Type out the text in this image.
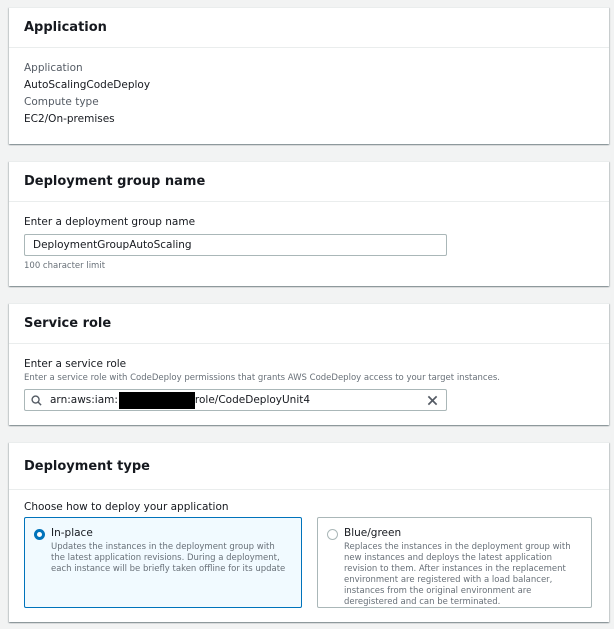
Application
Application
AutoScalingCodeDeploy
Compute type
EC2/On-premises
Deployment group name
Enter a deployment group name
DeploymentGroupAutoScaling
100 character limit
Service role
Enter a service role
Enter a service role with CodeDeploy permissions that grants AWS CodeDeploy access to your target instances.
arn:aws:iam:	role/CodeDeployUnit4
Deployment type
Choose how to deploy your application
In-place
Updates the instances in the deployment group with the latest application revisions. During a deployment, each instance will be briefly taken offline for its update
Blue/green
Replaces the instances in the deployment group with new instances and deploys the latest application revision to them. After instances in the replacement environment are registered with a load balancer, instances from the original environment are deregistered and can be terminated.
